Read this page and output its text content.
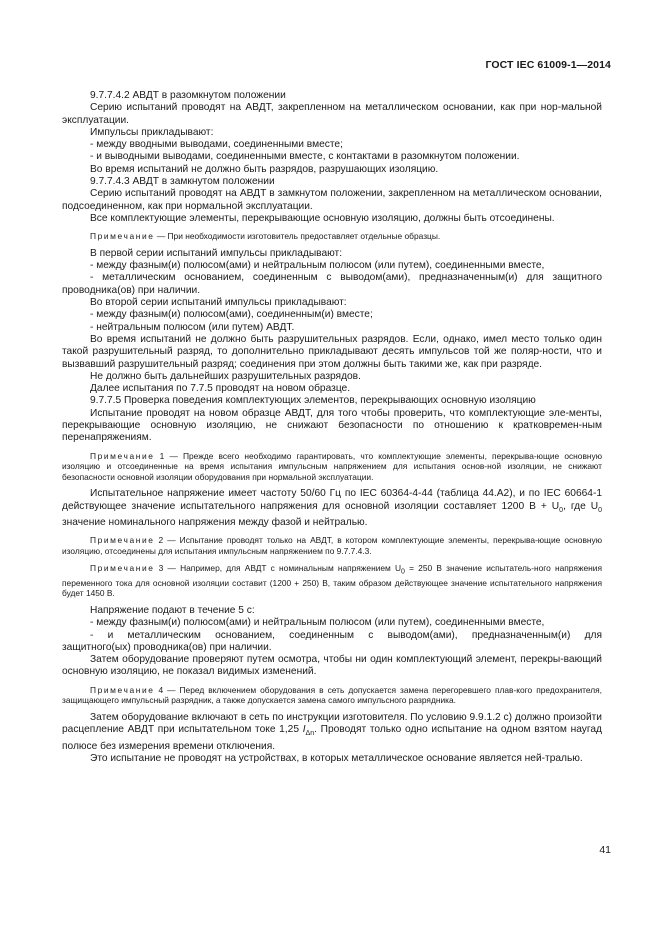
ГОСТ IEC 61009-1—2014

9.7.7.4.2 АВДТ в разомкнутом положении

Серию испытаний проводят на АВДТ, закрепленном на металлическом основании, как при нор-мальной эксплуатации.

Импульсы прикладывают:

- между вводными выводами, соединенными вместе;

- и выводными выводами, соединенными вместе, с контактами в разомкнутом положении.

Во время испытаний не должно быть разрядов, разрушающих изоляцию.

9.7.7.4.3 АВДТ в замкнутом положении

Серию испытаний проводят на АВДТ в замкнутом положении, закрепленном на металлическом основании, подсоединенном, как при нормальной эксплуатации.

Все комплектующие элементы, перекрывающие основную изоляцию, должны быть отсоединены.

Примечание — При необходимости изготовитель предоставляет отдельные образцы.

В первой серии испытаний импульсы прикладывают:

- между фазным(и) полюсом(ами) и нейтральным полюсом (или путем), соединенными вместе,

- металлическим основанием, соединенным с выводом(ами), предназначенным(и) для защитного проводника(ов) при наличии.

Во второй серии испытаний импульсы прикладывают:

- между фазным(и) полюсом(ами), соединенным(и) вместе;

- нейтральным полюсом (или путем) АВДТ.

Во время испытаний не должно быть разрушительных разрядов. Если, однако, имел место только один такой разрушительный разряд, то дополнительно прикладывают десять импульсов той же поляр-ности, что и вызвавший разрушительный разряд; соединения при этом должны быть такими же, как при разряде.

Не должно быть дальнейших разрушительных разрядов.

Далее испытания по 7.7.5 проводят на новом образце.

9.7.7.5 Проверка поведения комплектующих элементов, перекрывающих основную изоляцию

Испытание проводят на новом образце АВДТ, для того чтобы проверить, что комплектующие эле-менты, перекрывающие основную изоляцию, не снижают безопасности по отношению к кратковремен-ным перенапряжениям.

Примечание 1 — Прежде всего необходимо гарантировать, что комплектующие элементы, перекрыва-ющие основную изоляцию и отсоединенные на время испытания импульсным напряжением для испытания основ-ной изоляции, не снижают безопасности основной изоляции оборудования при нормальной эксплуатации.

Испытательное напряжение имеет частоту 50/60 Гц по IEC 60364-4-44 (таблица 44.А2), и по IEC 60664-1 действующее значение испытательного напряжения для основной изоляции составляет 1200 $В + U_0$, где $U_0$ значение номинального напряжения между фазой и нейтралью.

Примечание 2 — Испытание проводят только на АВДТ, в котором комплектующие элементы, перекрыва-ющие основную изоляцию, отсоединены для испытания импульсным напряжением по 9.7.7.4.3.

Примечание 3 — Например, для АВДТ с номинальным напряжением $U_0 = 250$ В значение испытатель-ного напряжения переменного тока для основной изоляции составит (1200 + 250) В, таким образом действующее значение испытательного напряжения будет 1450 В.

Напряжение подают в течение 5 с:

- между фазным(и) полюсом(ами) и нейтральным полюсом (или путем), соединенными вместе,

- и металлическим основанием, соединенным с выводом(ами), предназначенным(и) для

защитного(ых) проводника(ов) при наличии.

Затем оборудование проверяют путем осмотра, чтобы ни один комплектующий элемент, перекры-вающий основную изоляцию, не показал видимых изменений.

Примечание 4 — Перед включением оборудования в сеть допускается замена перегоревшего плав-кого предохранителя, защищающего импульсный разрядник, а также допускается замена самого импульсного разрядника.

Затем оборудование включают в сеть по инструкции изготовителя. По условию 9.9.1.2 c) должно произойти расцепление АВДТ при испытательном токе 1,25 $I_{\Delta n}$. Проводят только одно испытание на одном взятом наугад полюсе без измерения времени отключения.

Это испытание не проводят на устройствах, в которых металлическое основание является ней-тралью.

41
